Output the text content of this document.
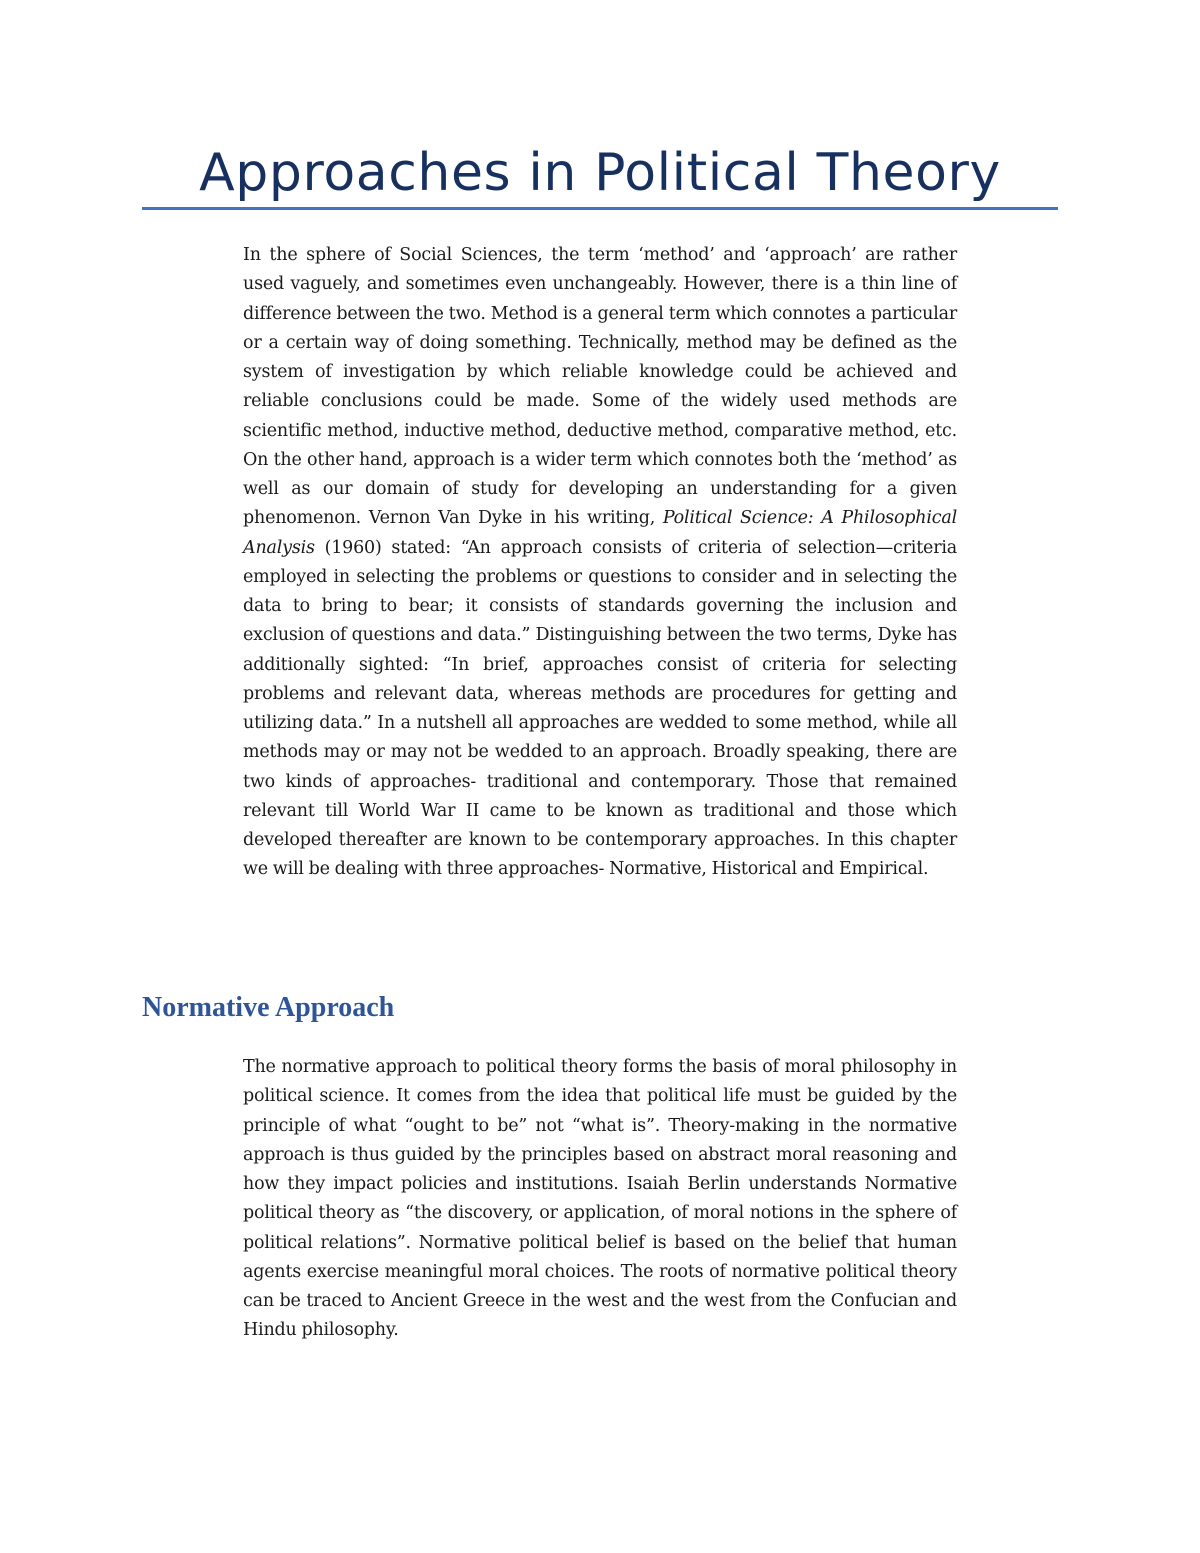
Approaches in Political Theory

In the sphere of Social Sciences, the term ‘method’ and ‘approach’ are rather used vaguely, and sometimes even unchangeably. However, there is a thin line of difference between the two. Method is a general term which connotes a particular or a certain way of doing something. Technically, method may be defined as the system of investigation by which reliable knowledge could be achieved and reliable conclusions could be made. Some of the widely used methods are scientific method, inductive method, deductive method, comparative method, etc. On the other hand, approach is a wider term which connotes both the ‘method’ as well as our domain of study for developing an understanding for a given phenomenon. Vernon Van Dyke in his writing, Political Science: A Philosophical Analysis (1960) stated: “An approach consists of criteria of selection—criteria employed in selecting the problems or questions to consider and in selecting the data to bring to bear; it consists of standards governing the inclusion and exclusion of questions and data.” Distinguishing between the two terms, Dyke has additionally sighted: “In brief, approaches consist of criteria for selecting problems and relevant data, whereas methods are procedures for getting and utilizing data.” In a nutshell all approaches are wedded to some method, while all methods may or may not be wedded to an approach. Broadly speaking, there are two kinds of approaches- traditional and contemporary. Those that remained relevant till World War II came to be known as traditional and those which developed thereafter are known to be contemporary approaches. In this chapter we will be dealing with three approaches- Normative, Historical and Empirical.

Normative Approach

The normative approach to political theory forms the basis of moral philosophy in political science. It comes from the idea that political life must be guided by the principle of what “ought to be” not “what is”. Theory-making in the normative approach is thus guided by the principles based on abstract moral reasoning and how they impact policies and institutions. Isaiah Berlin understands Normative political theory as “the discovery, or application, of moral notions in the sphere of political relations”. Normative political belief is based on the belief that human agents exercise meaningful moral choices. The roots of normative political theory can be traced to Ancient Greece in the west and the west from the Confucian and Hindu philosophy.
